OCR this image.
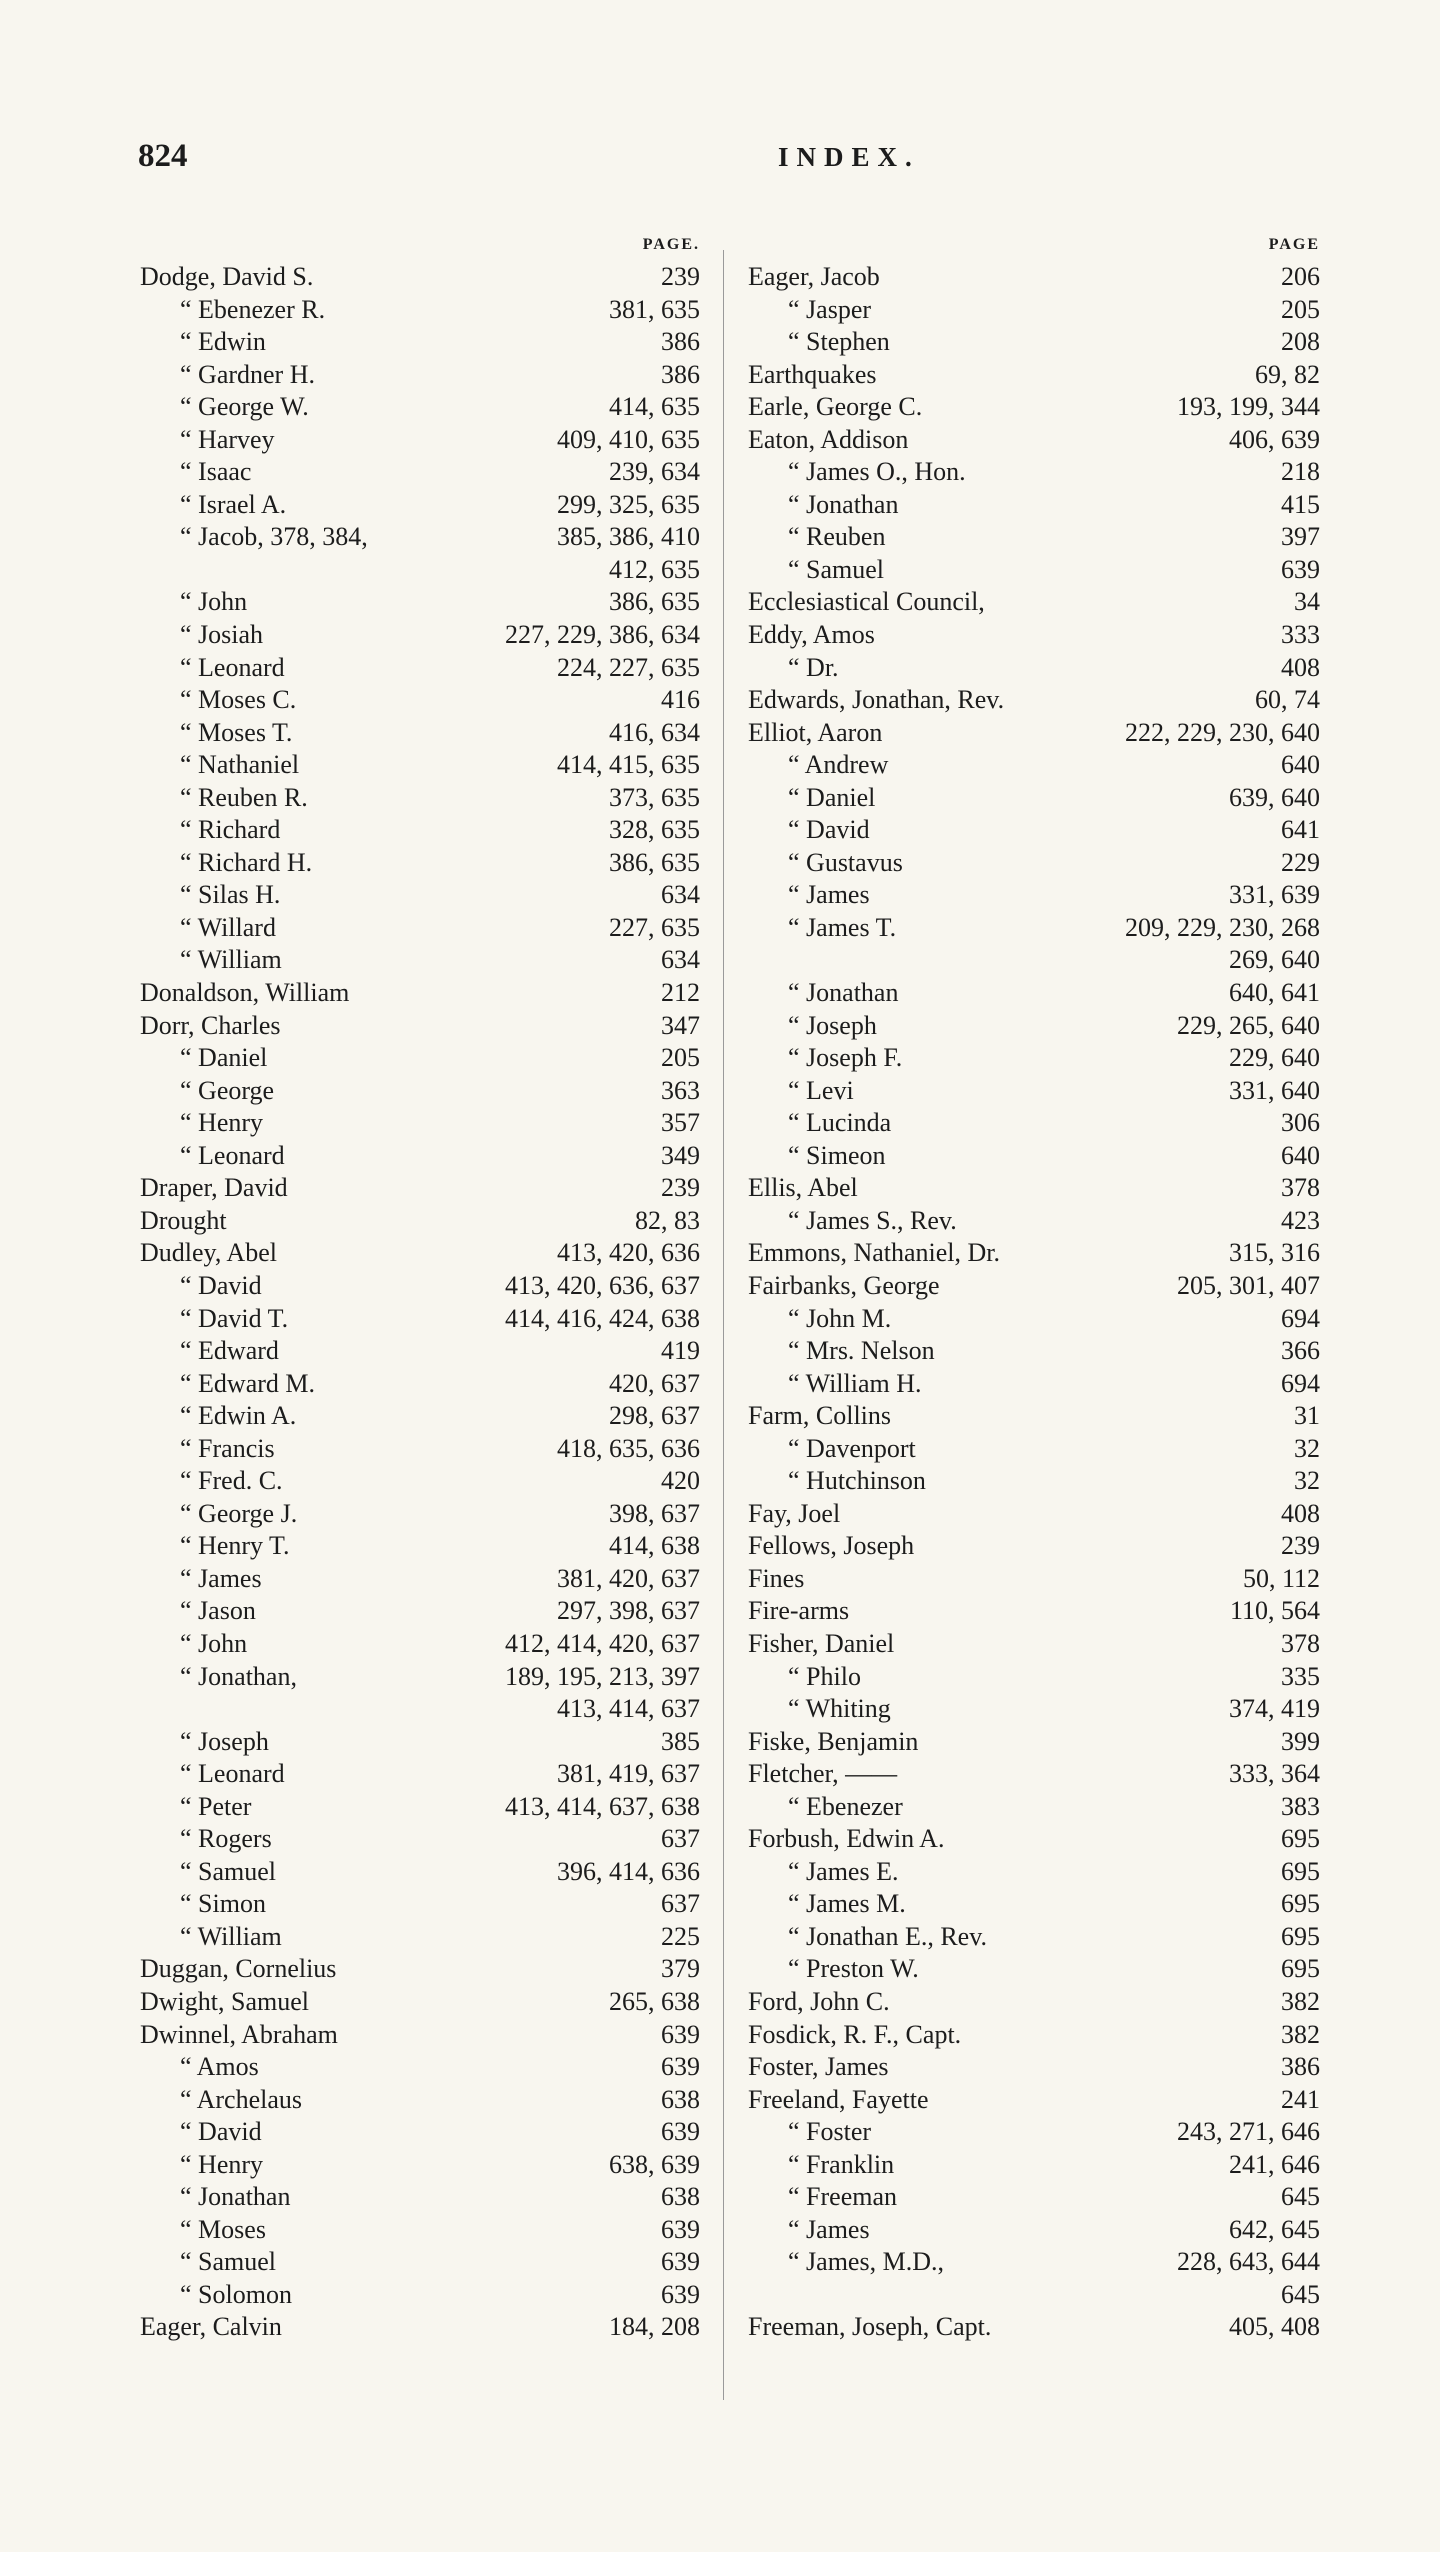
824	INDEX.
PAGE.
Dodge, David S.	239
“ Ebenezer R.	381, 635
“ Edwin	386
“ Gardner H.	386
“ George W.	414, 635
“ Harvey	409, 410, 635
“ Isaac	239, 634
“ Israel A.	299, 325, 635
“ Jacob, 378, 384,	385, 386, 410
412, 635
“ John	386, 635
“ Josiah	227, 229, 386, 634
“ Leonard	224, 227, 635
“ Moses C.	416
“ Moses T.	416, 634
“ Nathaniel	414, 415, 635
“ Reuben R.	373, 635
“ Richard	328, 635
“ Richard H.	386, 635
“ Silas H.	634
“ Willard	227, 635
“ William	634
Donaldson, William	212
Dorr, Charles	347
“ Daniel	205
“ George	363
“ Henry	357
“ Leonard	349
Draper, David	239
Drought	82, 83
Dudley, Abel	413, 420, 636
“ David	413, 420, 636, 637
“ David T.	414, 416, 424, 638
“ Edward	419
“ Edward M.	420, 637
“ Edwin A.	298, 637
“ Francis	418, 635, 636
“ Fred. C.	420
“ George J.	398, 637
“ Henry T.	414, 638
“ James	381, 420, 637
“ Jason	297, 398, 637
“ John	412, 414, 420, 637
“ Jonathan,	189, 195, 213, 397
413, 414, 637
“ Joseph	385
“ Leonard	381, 419, 637
“ Peter	413, 414, 637, 638
“ Rogers	637
“ Samuel	396, 414, 636
“ Simon	637
“ William	225
Duggan, Cornelius	379
Dwight, Samuel	265, 638
Dwinnel, Abraham	639
“ Amos	639
“ Archelaus	638
“ David	639
“ Henry	638, 639
“ Jonathan	638
“ Moses	639
“ Samuel	639
“ Solomon	639
Eager, Calvin	184, 208
PAGE
Eager, Jacob	206
“ Jasper	205
“ Stephen	208
Earthquakes	69, 82
Earle, George C.	193, 199, 344
Eaton, Addison	406, 639
“ James O., Hon.	218
“ Jonathan	415
“ Reuben	397
“ Samuel	639
Ecclesiastical Council,	34
Eddy, Amos	333
“ Dr.	408
Edwards, Jonathan, Rev.	60, 74
Elliot, Aaron	222, 229, 230, 640
“ Andrew	640
“ Daniel	639, 640
“ David	641
“ Gustavus	229
“ James	331, 639
“ James T.	209, 229, 230, 268
269, 640
“ Jonathan	640, 641
“ Joseph	229, 265, 640
“ Joseph F.	229, 640
“ Levi	331, 640
“ Lucinda	306
“ Simeon	640
Ellis, Abel	378
“ James S., Rev.	423
Emmons, Nathaniel, Dr.	315, 316
Fairbanks, George	205, 301, 407
“ John M.	694
“ Mrs. Nelson	366
“ William H.	694
Farm, Collins	31
“ Davenport	32
“ Hutchinson	32
Fay, Joel	408
Fellows, Joseph	239
Fines	50, 112
Fire-arms	110, 564
Fisher, Daniel	378
“ Philo	335
“ Whiting	374, 419
Fiske, Benjamin	399
Fletcher, ——	333, 364
“ Ebenezer	383
Forbush, Edwin A.	695
“ James E.	695
“ James M.	695
“ Jonathan E., Rev.	695
“ Preston W.	695
Ford, John C.	382
Fosdick, R. F., Capt.	382
Foster, James	386
Freeland, Fayette	241
“ Foster	243, 271, 646
“ Franklin	241, 646
“ Freeman	645
“ James	642, 645
“ James, M.D.,	228, 643, 644
645
Freeman, Joseph, Capt.	405, 408
